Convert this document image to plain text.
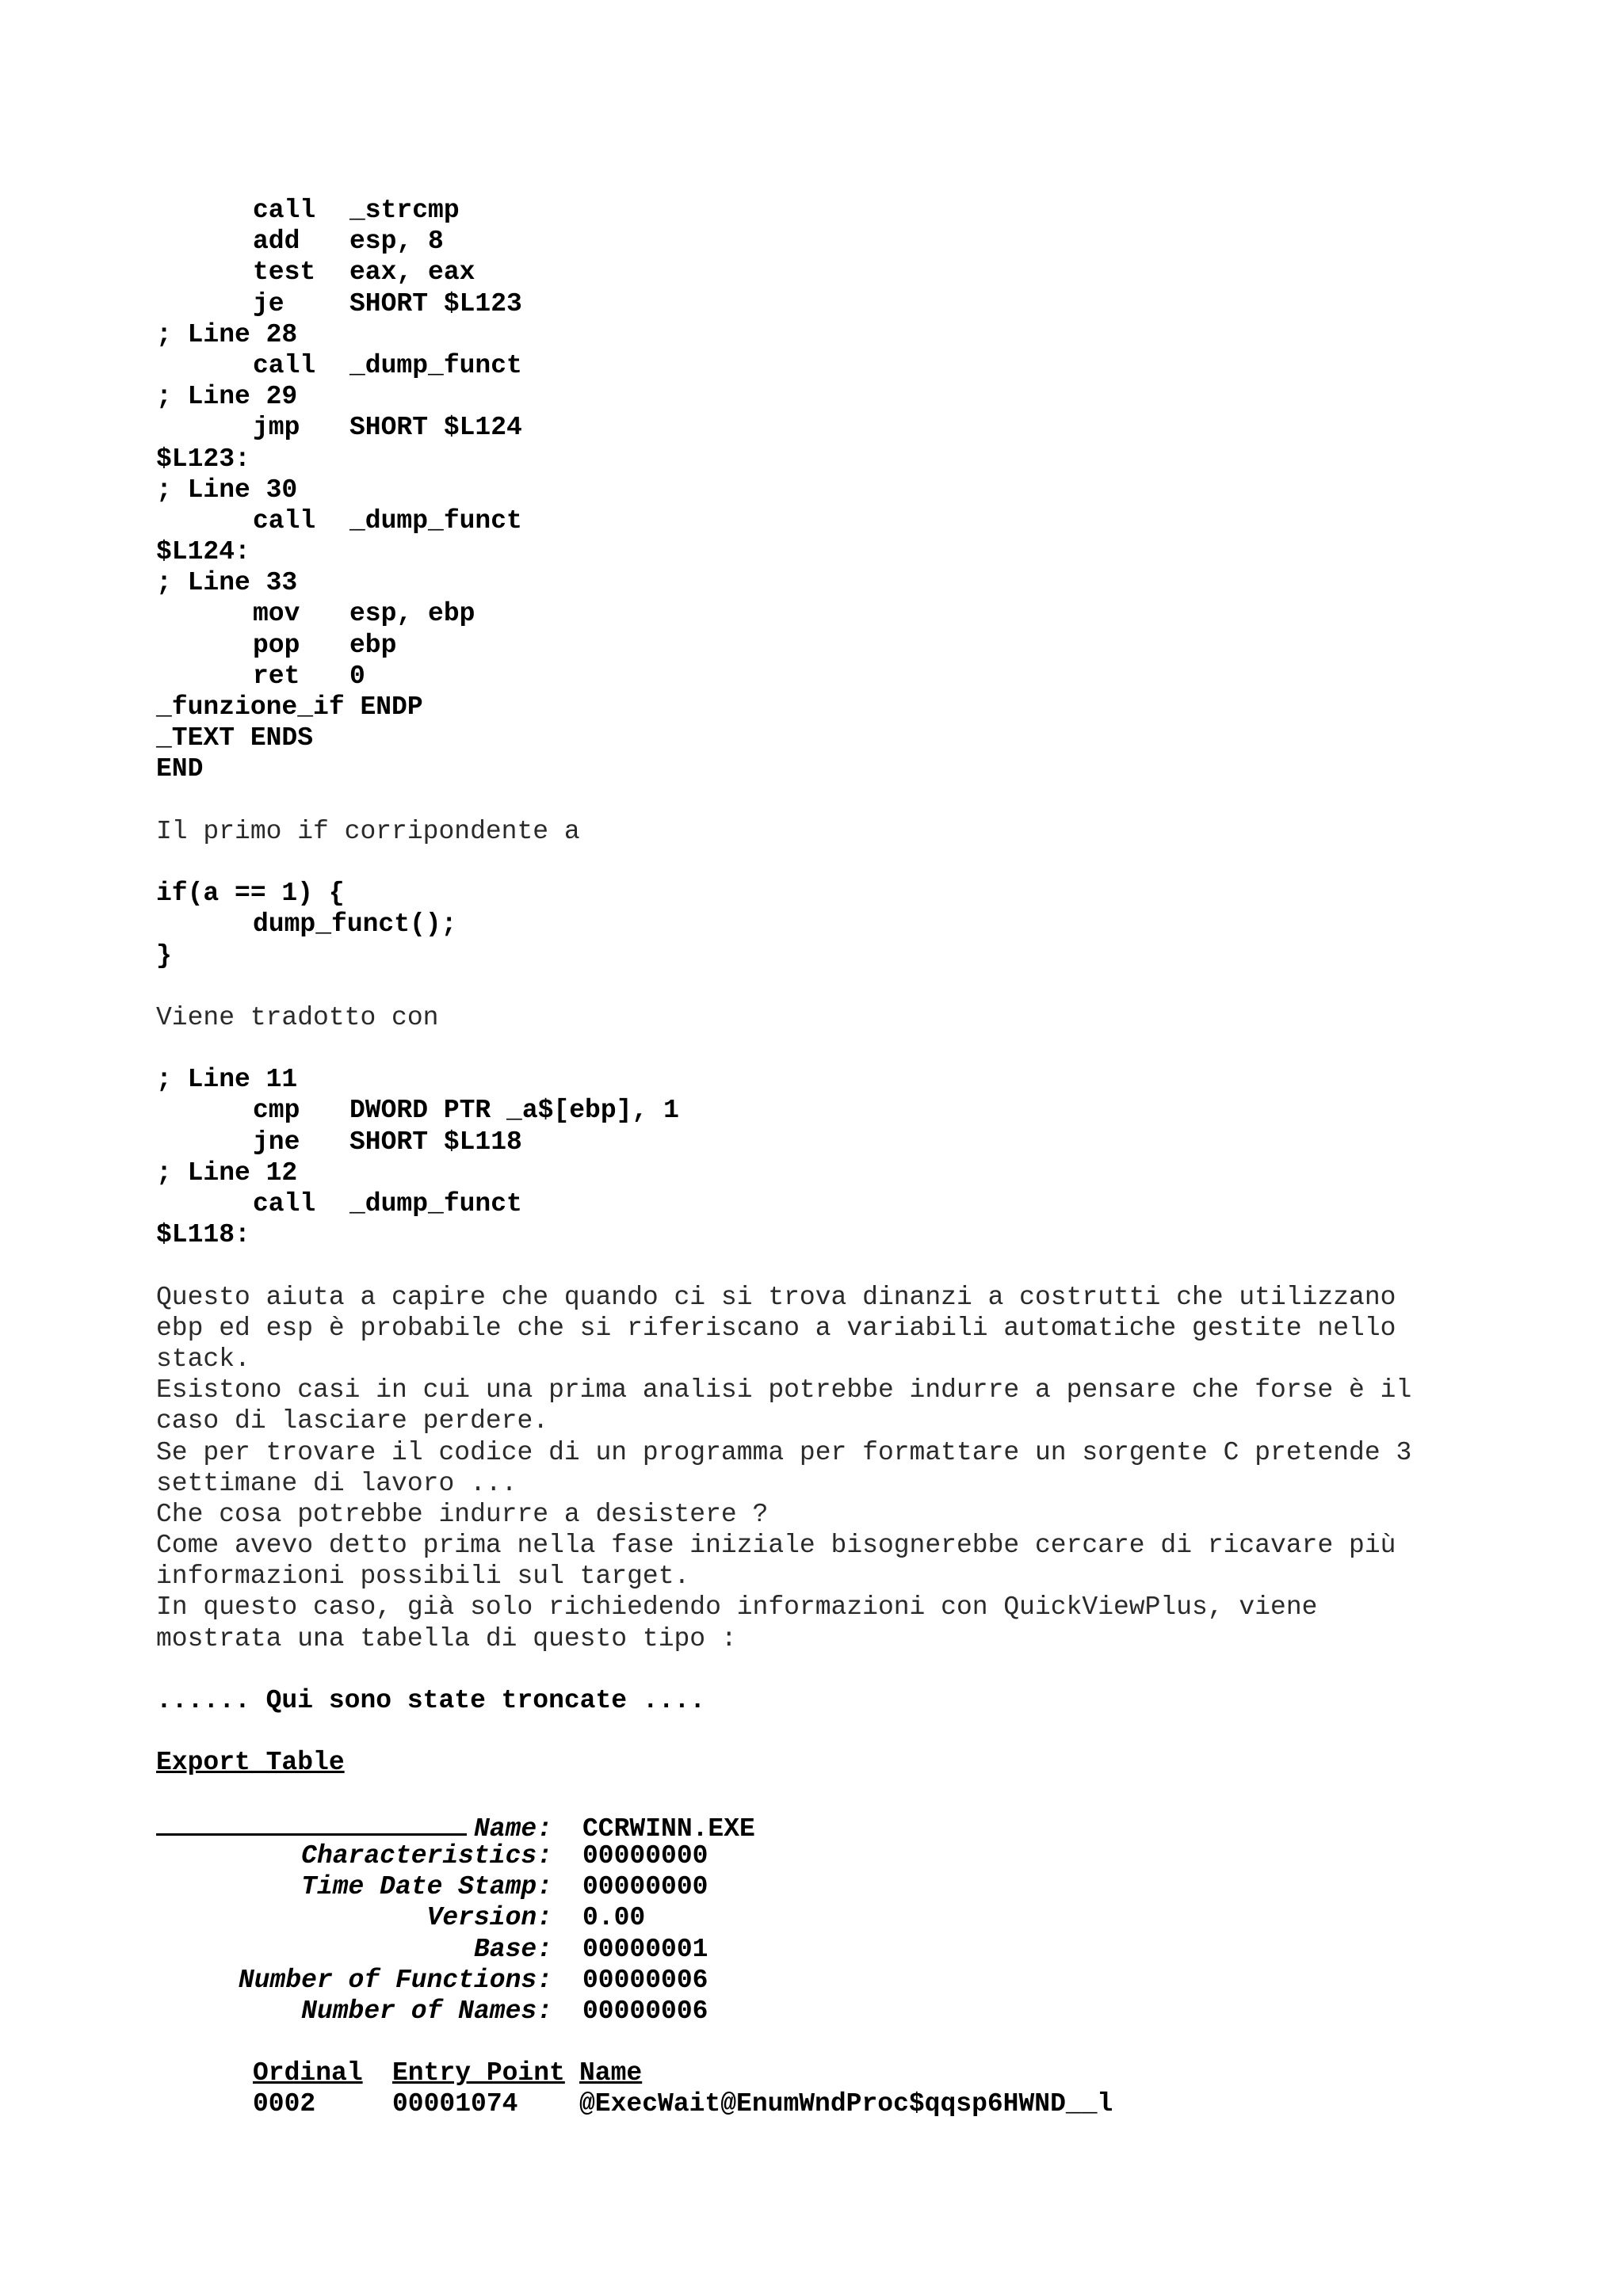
call _strcmp
add esp, 8
test eax, eax
je SHORT $L123
; Line 28
call _dump_funct
; Line 29
jmp SHORT $L124
$L123:
; Line 30
call _dump_funct
$L124:
; Line 33
mov esp, ebp
pop ebp
ret 0
_funzione_if ENDP
_TEXT ENDS
END
Il primo if corripondente a
if(a == 1) {
dump_funct();
}
Viene tradotto con
; Line 11
cmp DWORD PTR _a$[ebp], 1
jne SHORT $L118
; Line 12
call _dump_funct
$L118:
Questo aiuta a capire che quando ci si trova dinanzi a costrutti che utilizzano
ebp ed esp è probabile che si riferiscano a variabili automatiche gestite nello
stack.
Esistono casi in cui una prima analisi potrebbe indurre a pensare che forse è il
caso di lasciare perdere.
Se per trovare il codice di un programma per formattare un sorgente C pretende 3
settimane di lavoro ...
Che cosa potrebbe indurre a desistere ?
Come avevo detto prima nella fase iniziale bisognerebbe cercare di ricavare più
informazioni possibili sul target.
In questo caso, già solo richiedendo informazioni con QuickViewPlus, viene
mostrata una tabella di questo tipo :
...... Qui sono state troncate ....
Export Table
Name: CCRWINN.EXE
Characteristics: 00000000
Time Date Stamp: 00000000
Version: 0.00
Base: 00000001
Number of Functions: 00000006
Number of Names: 00000006
Ordinal Entry Point Name
0002	00001074 @ExecWait@EnumWndProc$qqsp6HWND__l
